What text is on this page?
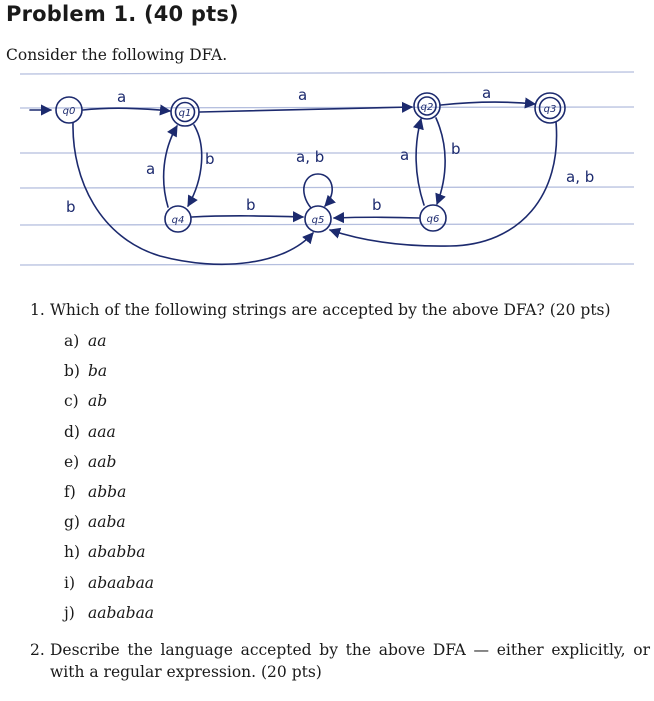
Problem 1. (40 pts)
Consider the following DFA.
q0	q1
q2	q3
q4	q5	q6
a	a	a
a
b	a, b	b
a
a, b
b	b
b
1. Which of the following strings are accepted by the above DFA? (20 pts)
a) aa
b) ba
c) ab
d) aaa
e) aab
f) abba
g) aaba
h) ababba
i) abaabaa
j) aababaa
2. Describe the language accepted by the above DFA — either explicitly, or with a regular expression. (20 pts)
